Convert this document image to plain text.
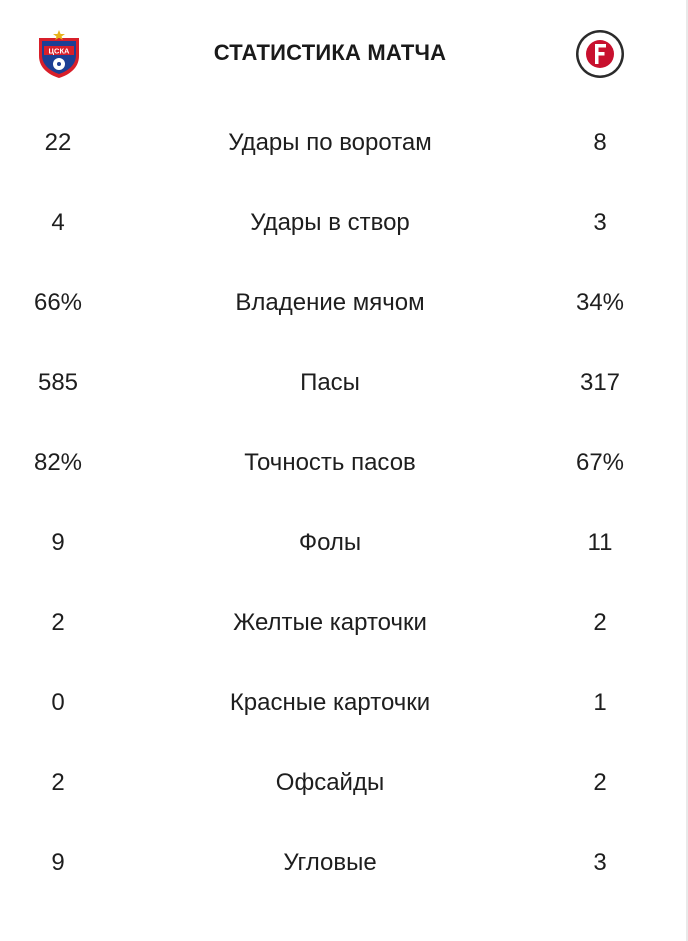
ЦСКА	СТАТИСТИКА МАТЧА
22	Удары по воротам	8
4	Удары в створ	3
66%	Владение мячом	34%
585	Пасы	317
82%	Точность пасов	67%
9	Фолы	11
2	Желтые карточки	2
0	Красные карточки	1
2	Офсайды	2
9	Угловые	3
